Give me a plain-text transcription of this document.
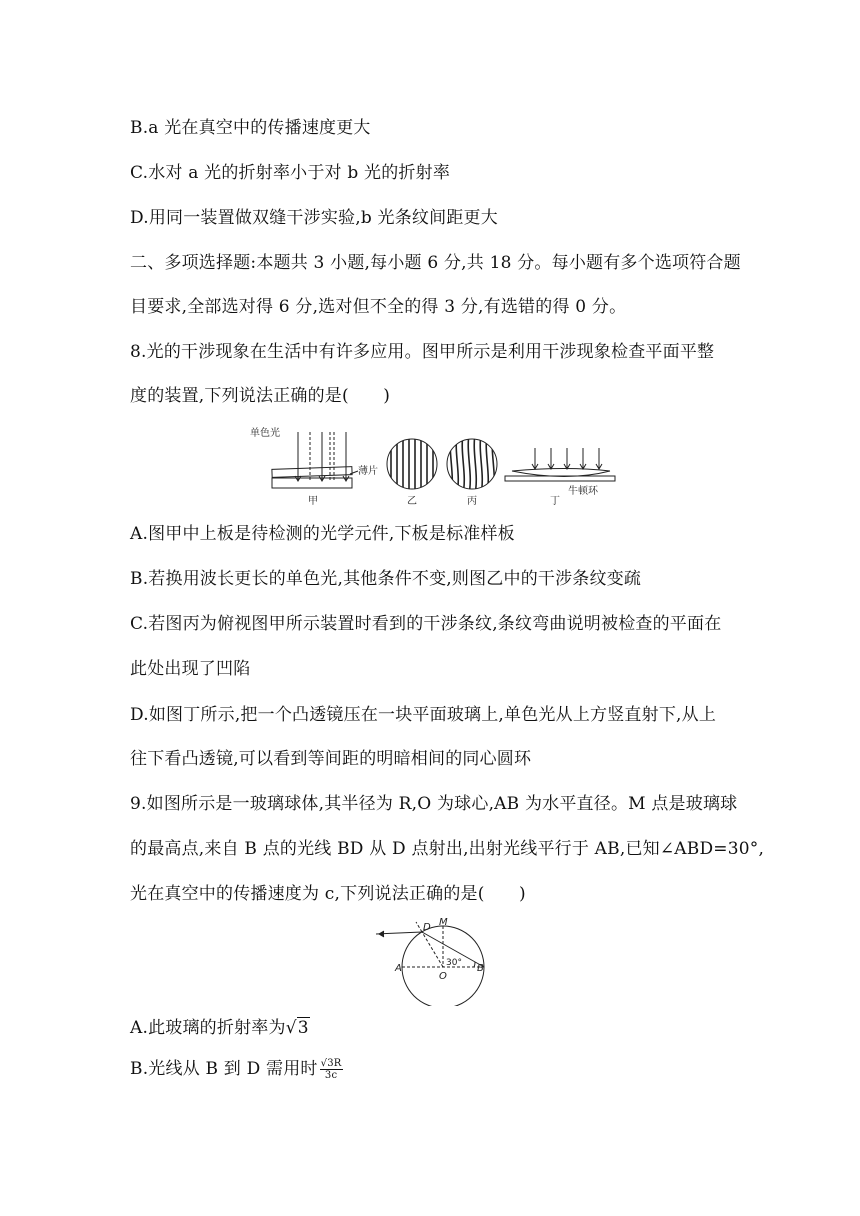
B.a 光在真空中的传播速度更大
C.水对 a 光的折射率小于对 b 光的折射率
D.用同一装置做双缝干涉实验,b 光条纹间距更大
二、多项选择题:本题共 3 小题,每小题 6 分,共 18 分。每小题有多个选项符合题
目要求,全部选对得 6 分,选对但不全的得 3 分,有选错的得 0 分。
8.光的干涉现象在生活中有许多应用。图甲所示是利用干涉现象检查平面平整
度的装置,下列说法正确的是(　　)
单色光
薄片
甲	乙	丙	丁
牛顿环
A.图甲中上板是待检测的光学元件,下板是标准样板
B.若换用波长更长的单色光,其他条件不变,则图乙中的干涉条纹变疏
C.若图丙为俯视图甲所示装置时看到的干涉条纹,条纹弯曲说明被检查的平面在
此处出现了凹陷
D.如图丁所示,把一个凸透镜压在一块平面玻璃上,单色光从上方竖直射下,从上
往下看凸透镜,可以看到等间距的明暗相间的同心圆环
9.如图所示是一玻璃球体,其半径为 R,O 为球心,AB 为水平直径。M 点是玻璃球
的最高点,来自 B 点的光线 BD 从 D 点射出,出射光线平行于 AB,已知∠ABD=30°,
光在真空中的传播速度为 c,下列说法正确的是(　　)
D M
A	B
O
30°
A.此玻璃的折射率为√3
B.光线从 B 到 D 需用时 $\frac{√3R}{3c}$
